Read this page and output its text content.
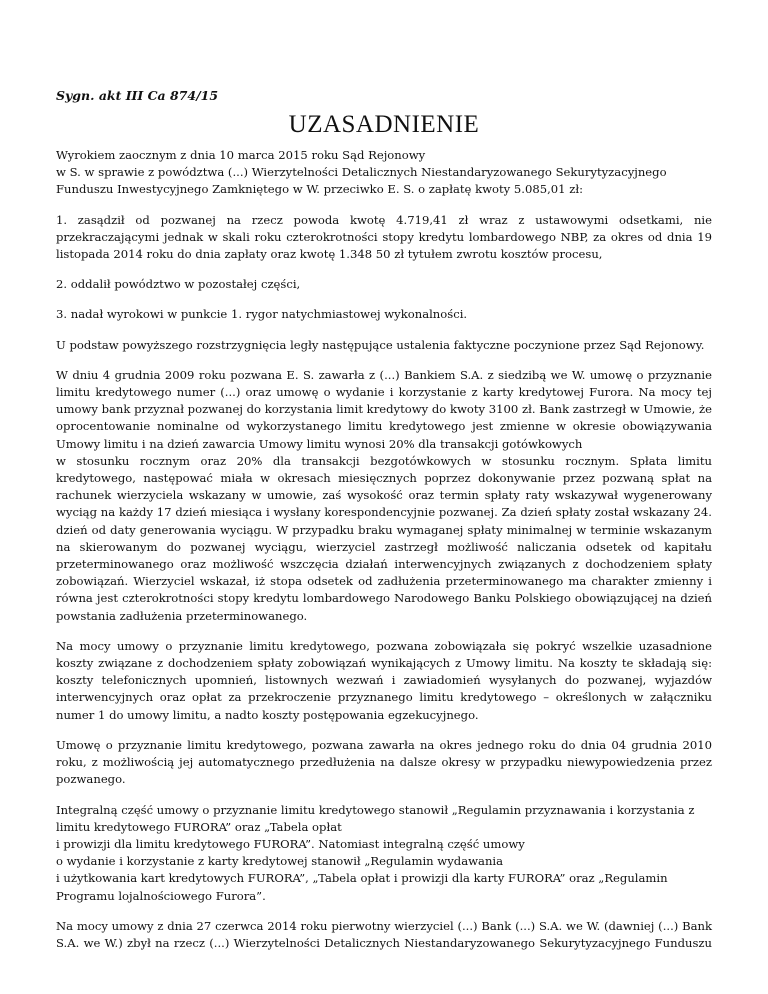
Sygn. akt III Ca 874/15
UZASADNIENIE

Wyrokiem zaocznym z dnia 10 marca 2015 roku Sąd Rejonowy
w S. w sprawie z powództwa (...) Wierzytelności Detalicznych Niestandaryzowanego Sekurytyzacyjnego Funduszu Inwestycyjnego Zamkniętego w W. przeciwko E. S. o zapłatę kwoty 5.085,01 zł:

1. zasądził od pozwanej na rzecz powoda kwotę 4.719,41 zł wraz z ustawowymi odsetkami, nie przekraczającymi jednak w skali roku czterokrotności stopy kredytu lombardowego NBP, za okres od dnia 19 listopada 2014 roku do dnia zapłaty oraz kwotę 1.348 50 zł tytułem zwrotu kosztów procesu,

2. oddalił powództwo w pozostałej części,

3. nadał wyrokowi w punkcie 1. rygor natychmiastowej wykonalności.

U podstaw powyższego rozstrzygnięcia legły następujące ustalenia faktyczne poczynione przez Sąd Rejonowy.

W dniu 4 grudnia 2009 roku pozwana E. S. zawarła z (...) Bankiem S.A. z siedzibą we W. umowę o przyznanie limitu kredytowego numer (...) oraz umowę o wydanie i korzystanie z karty kredytowej Furora. Na mocy tej umowy bank przyznał pozwanej do korzystania limit kredytowy do kwoty 3100 zł. Bank zastrzegł w Umowie, że oprocentowanie nominalne od wykorzystanego limitu kredytowego jest zmienne w okresie obowiązywania Umowy limitu i na dzień zawarcia Umowy limitu wynosi 20% dla transakcji gotówkowych
w stosunku rocznym oraz 20% dla transakcji bezgotówkowych w stosunku rocznym. Spłata limitu kredytowego, następować miała w okresach miesięcznych poprzez dokonywanie przez pozwaną spłat na rachunek wierzyciela wskazany w umowie, zaś wysokość oraz termin spłaty raty wskazywał wygenerowany wyciąg na każdy 17 dzień miesiąca i wysłany korespondencyjnie pozwanej. Za dzień spłaty został wskazany 24. dzień od daty generowania wyciągu. W przypadku braku wymaganej spłaty minimalnej w terminie wskazanym na skierowanym do pozwanej wyciągu, wierzyciel zastrzegł możliwość naliczania odsetek od kapitału przeterminowanego oraz możliwość wszczęcia działań interwencyjnych związanych z dochodzeniem spłaty zobowiązań. Wierzyciel wskazał, iż stopa odsetek od zadłużenia przeterminowanego ma charakter zmienny i równa jest czterokrotności stopy kredytu lombardowego Narodowego Banku Polskiego obowiązującej na dzień powstania zadłużenia przeterminowanego.

Na mocy umowy o przyznanie limitu kredytowego, pozwana zobowiązała się pokryć wszelkie uzasadnione koszty związane z dochodzeniem spłaty zobowiązań wynikających z Umowy limitu. Na koszty te składają się: koszty telefonicznych upomnień, listownych wezwań i zawiadomień wysyłanych do pozwanej, wyjazdów interwencyjnych oraz opłat za przekroczenie przyznanego limitu kredytowego – określonych w załączniku numer 1 do umowy limitu, a nadto koszty postępowania egzekucyjnego.

Umowę o przyznanie limitu kredytowego, pozwana zawarła na okres jednego roku do dnia 04 grudnia 2010 roku, z możliwością jej automatycznego przedłużenia na dalsze okresy w przypadku niewypowiedzenia przez pozwanego.

Integralną część umowy o przyznanie limitu kredytowego stanowił „Regulamin przyznawania i korzystania z limitu kredytowego FURORA” oraz „Tabela opłat
i prowizji dla limitu kredytowego FURORA”. Natomiast integralną część umowy
o wydanie i korzystanie z karty kredytowej stanowił „Regulamin wydawania
i użytkowania kart kredytowych FURORA”, „Tabela opłat i prowizji dla karty FURORA” oraz „Regulamin Programu lojalnościowego Furora”.

Na mocy umowy z dnia 27 czerwca 2014 roku pierwotny wierzyciel (...) Bank (...) S.A. we W. (dawniej (...) Bank S.A. we W.) zbył na rzecz (...) Wierzytelności Detalicznych Niestandaryzowanego Sekurytyzacyjnego Funduszu
